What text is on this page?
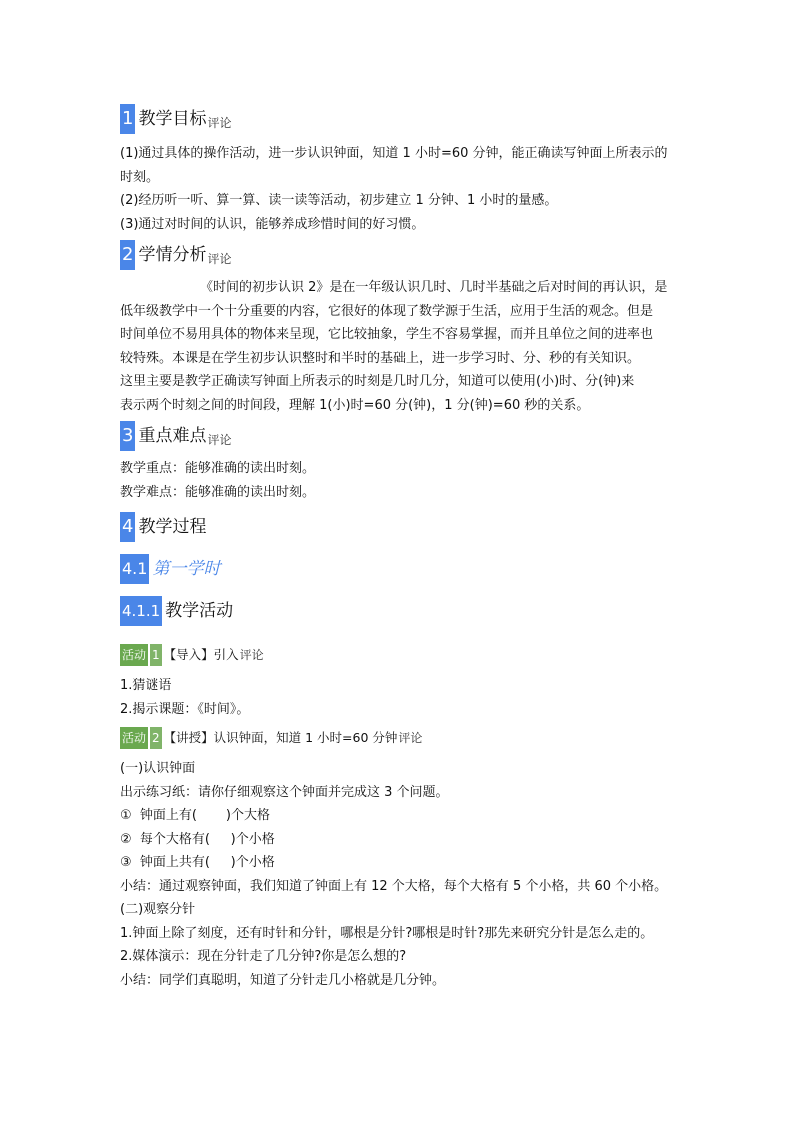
1 教学目标 评论

(1)通过具体的操作活动，进一步认识钟面，知道 1 小时=60 分钟，能正确读写钟面上所表示的

时刻。

(2)经历听一听、算一算、读一读等活动，初步建立 1 分钟、1 小时的量感。

(3)通过对时间的认识，能够养成珍惜时间的好习惯。

2 学情分析 评论

《时间的初步认识 2》是在一年级认识几时、几时半基础之后对时间的再认识，是

低年级教学中一个十分重要的内容，它很好的体现了数学源于生活，应用于生活的观念。但是

时间单位不易用具体的物体来呈现，它比较抽象，学生不容易掌握，而并且单位之间的进率也

较特殊。本课是在学生初步认识整时和半时的基础上，进一步学习时、分、秒的有关知识。

这里主要是教学正确读写钟面上所表示的时刻是几时几分，知道可以使用(小)时、分(钟)来

表示两个时刻之间的时间段，理解 1(小)时=60 分(钟)，1 分(钟)=60 秒的关系。

3 重点难点 评论

教学重点：能够准确的读出时刻。

教学难点：能够准确的读出时刻。

4 教学过程
4.1 第一学时
4.1.1 教学活动
活动 1 【导入】引入 评论

1.猜谜语

2.揭示课题：《时间》。

活动 2 【讲授】认识钟面，知道 1 小时=60 分钟 评论

(一)认识钟面

出示练习纸：请你仔细观察这个钟面并完成这 3 个问题。

①  钟面上有(       )个大格

②  每个大格有(     )个小格

③  钟面上共有(     )个小格

小结：通过观察钟面，我们知道了钟面上有 12 个大格，每个大格有 5 个小格，共 60 个小格。

(二)观察分针

1.钟面上除了刻度，还有时针和分针，哪根是分针?哪根是时针?那先来研究分针是怎么走的。

2.媒体演示：现在分针走了几分钟?你是怎么想的?

小结：同学们真聪明，知道了分针走几小格就是几分钟。
